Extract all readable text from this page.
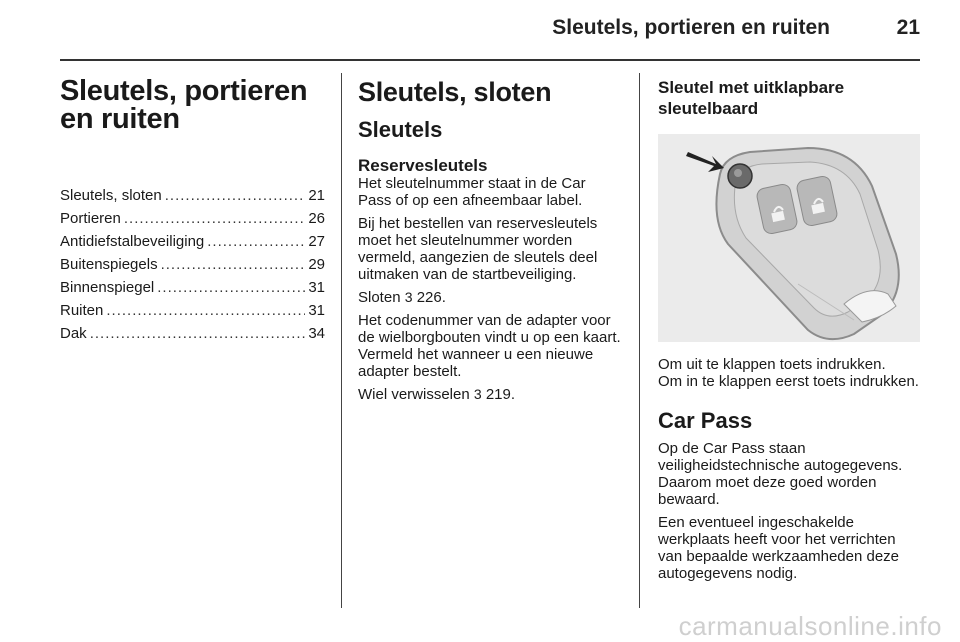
Sleutels, portieren en ruiten	21
Sleutels, portieren en ruiten
Sleutels, sloten .....	21
Portieren .....	26
Antidiefstalbeveiliging .....	27
Buitenspiegels .....	29
Binnenspiegel .....	31
Ruiten .....	31
Dak .....	34
Sleutels, sloten
Sleutels
Reservesleutels

Het sleutelnummer staat in de Car Pass of op een afneembaar label.

Bij het bestellen van reservesleutels moet het sleutelnummer worden vermeld, aangezien de sleutels deel uitmaken van de startbeveiliging.

Sloten 3 226.

Het codenummer van de adapter voor de wielborgbouten vindt u op een kaart. Vermeld het wanneer u een nieuwe adapter bestelt.

Wiel verwisselen 3 219.

Sleutel met uitklapbare sleutelbaard

Om uit te klappen toets indrukken.

Om in te klappen eerst toets indrukken.

Car Pass

Op de Car Pass staan veiligheidstechnische autogegevens. Daarom moet deze goed worden bewaard.

Een eventueel ingeschakelde werkplaats heeft voor het verrichten van bepaalde werkzaamheden deze autogegevens nodig.

carmanualsonline.info
